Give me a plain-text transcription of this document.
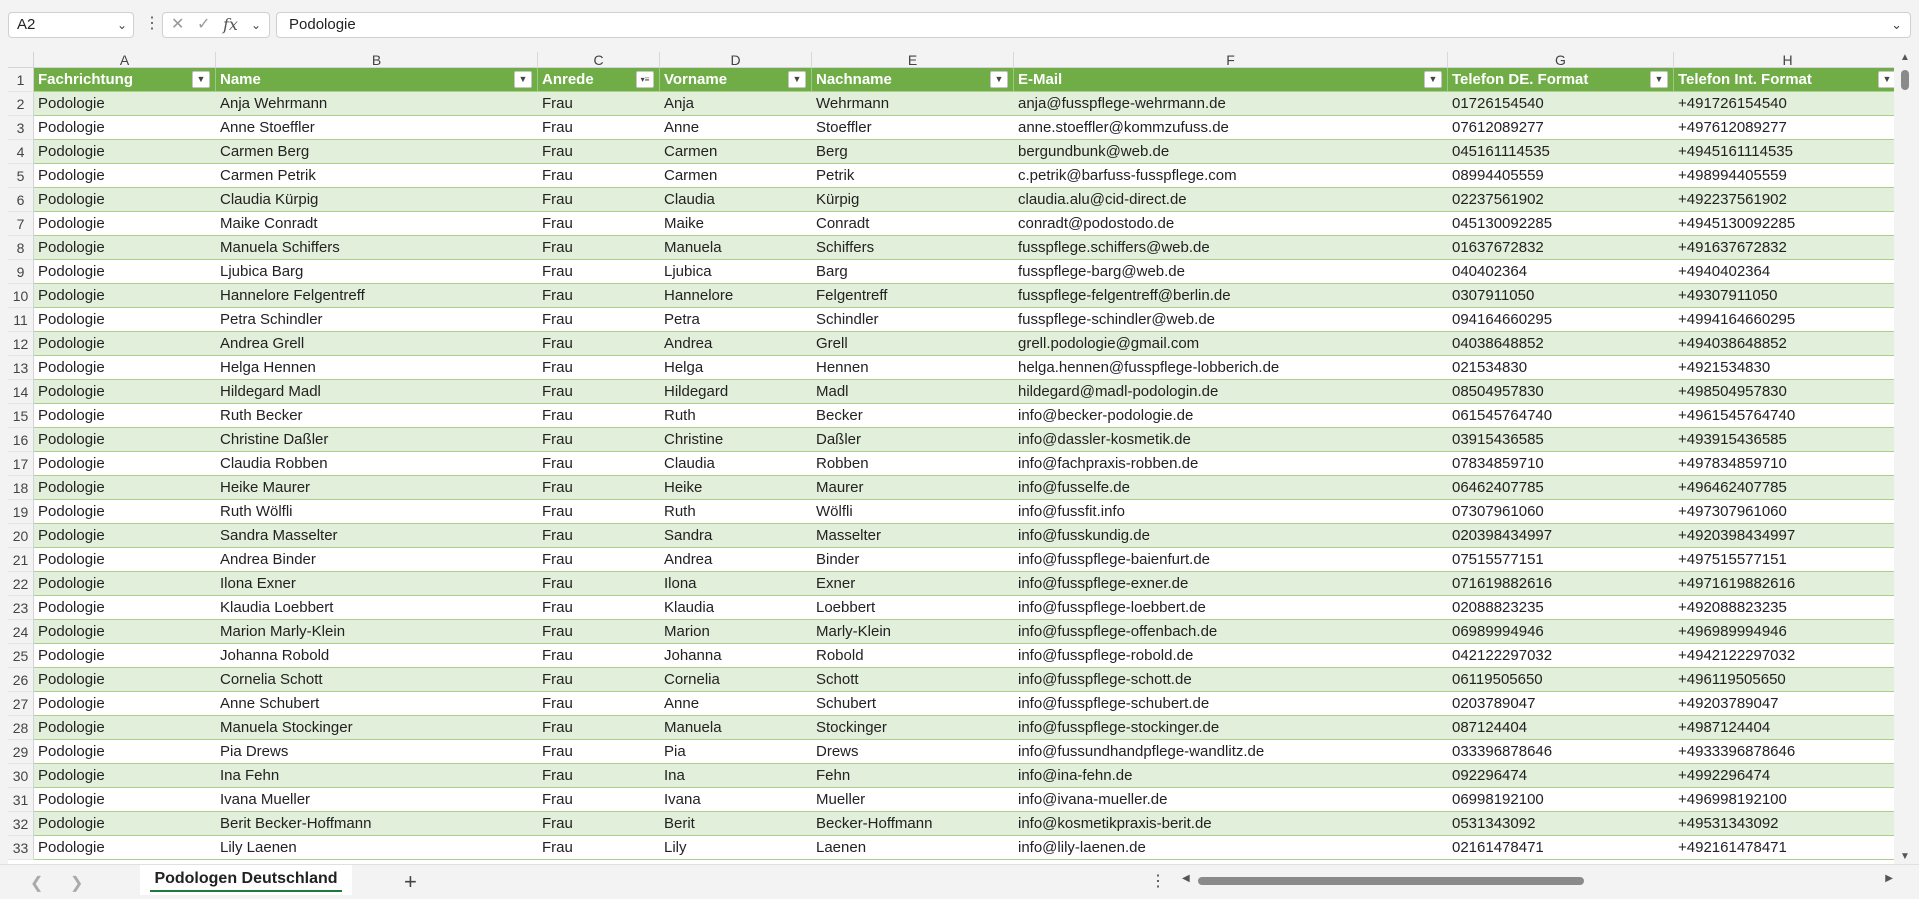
A2	⌄ ⋮ ✕ ✓ fx ⌄	Podologie	⌄
A	B	C	D	E	F	G	H
1 Fachrichtung	▼ Name	▼ Anrede	▾≡ Vorname	▼ Nachname	▼ E-Mail	▼ Telefon DE. Format	▼ Telefon Int. Format	▼
2 Podologie	Anja Wehrmann	Frau	Anja	Wehrmann	anja@fusspflege-wehrmann.de	01726154540	+491726154540
3 Podologie	Anne Stoeffler	Frau	Anne	Stoeffler	anne.stoeffler@kommzufuss.de	07612089277	+497612089277
4 Podologie	Carmen Berg	Frau	Carmen	Berg	bergundbunk@web.de	045161114535	+4945161114535
5 Podologie	Carmen Petrik	Frau	Carmen	Petrik	c.petrik@barfuss-fusspflege.com	08994405559	+498994405559
6 Podologie	Claudia Kürpig	Frau	Claudia	Kürpig	claudia.alu@cid-direct.de	02237561902	+492237561902
7 Podologie	Maike Conradt	Frau	Maike	Conradt	conradt@podostodo.de	045130092285	+4945130092285
8 Podologie	Manuela Schiffers	Frau	Manuela	Schiffers	fusspflege.schiffers@web.de	01637672832	+491637672832
9 Podologie	Ljubica Barg	Frau	Ljubica	Barg	fusspflege-barg@web.de	040402364	+4940402364
10 Podologie	Hannelore Felgentreff	Frau	Hannelore	Felgentreff	fusspflege-felgentreff@berlin.de	0307911050	+49307911050
11 Podologie	Petra Schindler	Frau	Petra	Schindler	fusspflege-schindler@web.de	094164660295	+4994164660295
12 Podologie	Andrea Grell	Frau	Andrea	Grell	grell.podologie@gmail.com	04038648852	+494038648852
13 Podologie	Helga Hennen	Frau	Helga	Hennen	helga.hennen@fusspflege-lobberich.de	021534830	+4921534830
14 Podologie	Hildegard Madl	Frau	Hildegard	Madl	hildegard@madl-podologin.de	08504957830	+498504957830
15 Podologie	Ruth Becker	Frau	Ruth	Becker	info@becker-podologie.de	061545764740	+4961545764740
16 Podologie	Christine Daßler	Frau	Christine	Daßler	info@dassler-kosmetik.de	03915436585	+493915436585
17 Podologie	Claudia Robben	Frau	Claudia	Robben	info@fachpraxis-robben.de	07834859710	+497834859710
18 Podologie	Heike Maurer	Frau	Heike	Maurer	info@fusselfe.de	06462407785	+496462407785
19 Podologie	Ruth Wölfli	Frau	Ruth	Wölfli	info@fussfit.info	07307961060	+497307961060
20 Podologie	Sandra Masselter	Frau	Sandra	Masselter	info@fusskundig.de	020398434997	+4920398434997
21 Podologie	Andrea Binder	Frau	Andrea	Binder	info@fusspflege-baienfurt.de	07515577151	+497515577151
22 Podologie	Ilona Exner	Frau	Ilona	Exner	info@fusspflege-exner.de	071619882616	+4971619882616
23 Podologie	Klaudia Loebbert	Frau	Klaudia	Loebbert	info@fusspflege-loebbert.de	02088823235	+492088823235
24 Podologie	Marion Marly-Klein	Frau	Marion	Marly-Klein	info@fusspflege-offenbach.de	06989994946	+496989994946
25 Podologie	Johanna Robold	Frau	Johanna	Robold	info@fusspflege-robold.de	042122297032	+4942122297032
26 Podologie	Cornelia Schott	Frau	Cornelia	Schott	info@fusspflege-schott.de	06119505650	+496119505650
27 Podologie	Anne Schubert	Frau	Anne	Schubert	info@fusspflege-schubert.de	0203789047	+49203789047
28 Podologie	Manuela Stockinger	Frau	Manuela	Stockinger	info@fusspflege-stockinger.de	087124404	+4987124404
29 Podologie	Pia Drews	Frau	Pia	Drews	info@fussundhandpflege-wandlitz.de	033396878646	+4933396878646
30 Podologie	Ina Fehn	Frau	Ina	Fehn	info@ina-fehn.de	092296474	+4992296474
31 Podologie	Ivana Mueller	Frau	Ivana	Mueller	info@ivana-mueller.de	06998192100	+496998192100
32 Podologie	Berit Becker-Hoffmann	Frau	Berit	Becker-Hoffmann	info@kosmetikpraxis-berit.de	0531343092	+49531343092
33 Podologie	Lily Laenen	Frau	Lily	Laenen	info@lily-laenen.de	02161478471	+492161478471
▲
▼
❮ ❯	Podologen Deutschland	+	⋮ ◀	▶
